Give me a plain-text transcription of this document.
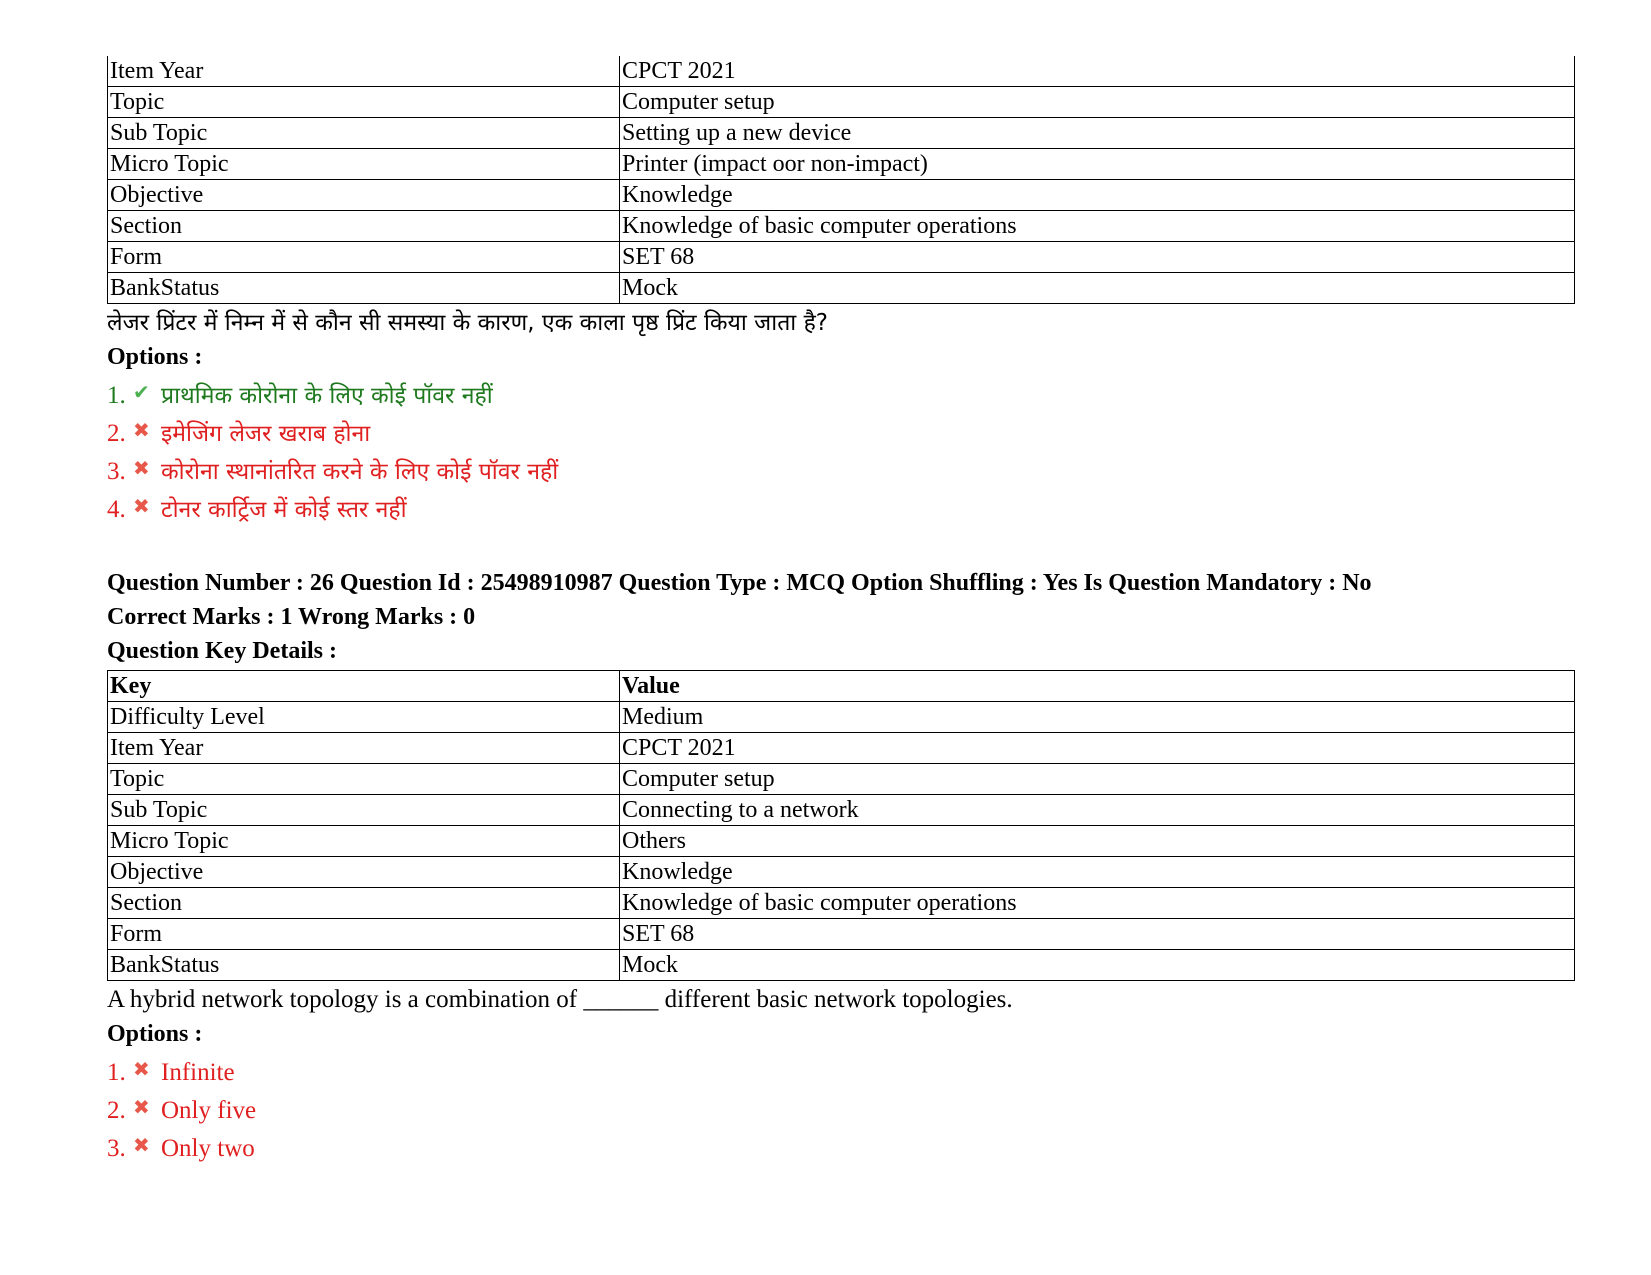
Item Year	CPCT 2021
Topic	Computer setup
Sub Topic	Setting up a new device
Micro Topic	Printer (impact oor non-impact)
Objective	Knowledge
Section	Knowledge of basic computer operations
Form	SET 68
BankStatus	Mock
लेजर प्रिंटर में निम्न में से कौन सी समस्या के कारण, एक काला पृष्ठ प्रिंट किया जाता है?
Options :
1. ✔ प्राथमिक कोरोना के लिए कोई पॉवर नहीं
2. ✖ इमेजिंग लेजर खराब होना
3. ✖ कोरोना स्थानांतरित करने के लिए कोई पॉवर नहीं
4. ✖ टोनर कार्ट्रिज में कोई स्तर नहीं
Question Number : 26 Question Id : 25498910987 Question Type : MCQ Option Shuffling : Yes Is Question Mandatory : No
Correct Marks : 1 Wrong Marks : 0
Question Key Details :
Key	Value
Difficulty Level	Medium
Item Year	CPCT 2021
Topic	Computer setup
Sub Topic	Connecting to a network
Micro Topic	Others
Objective	Knowledge
Section	Knowledge of basic computer operations
Form	SET 68
BankStatus	Mock
A hybrid network topology is a combination of ______ different basic network topologies.
Options :
1. ✖ Infinite
2. ✖ Only five
3. ✖ Only two
